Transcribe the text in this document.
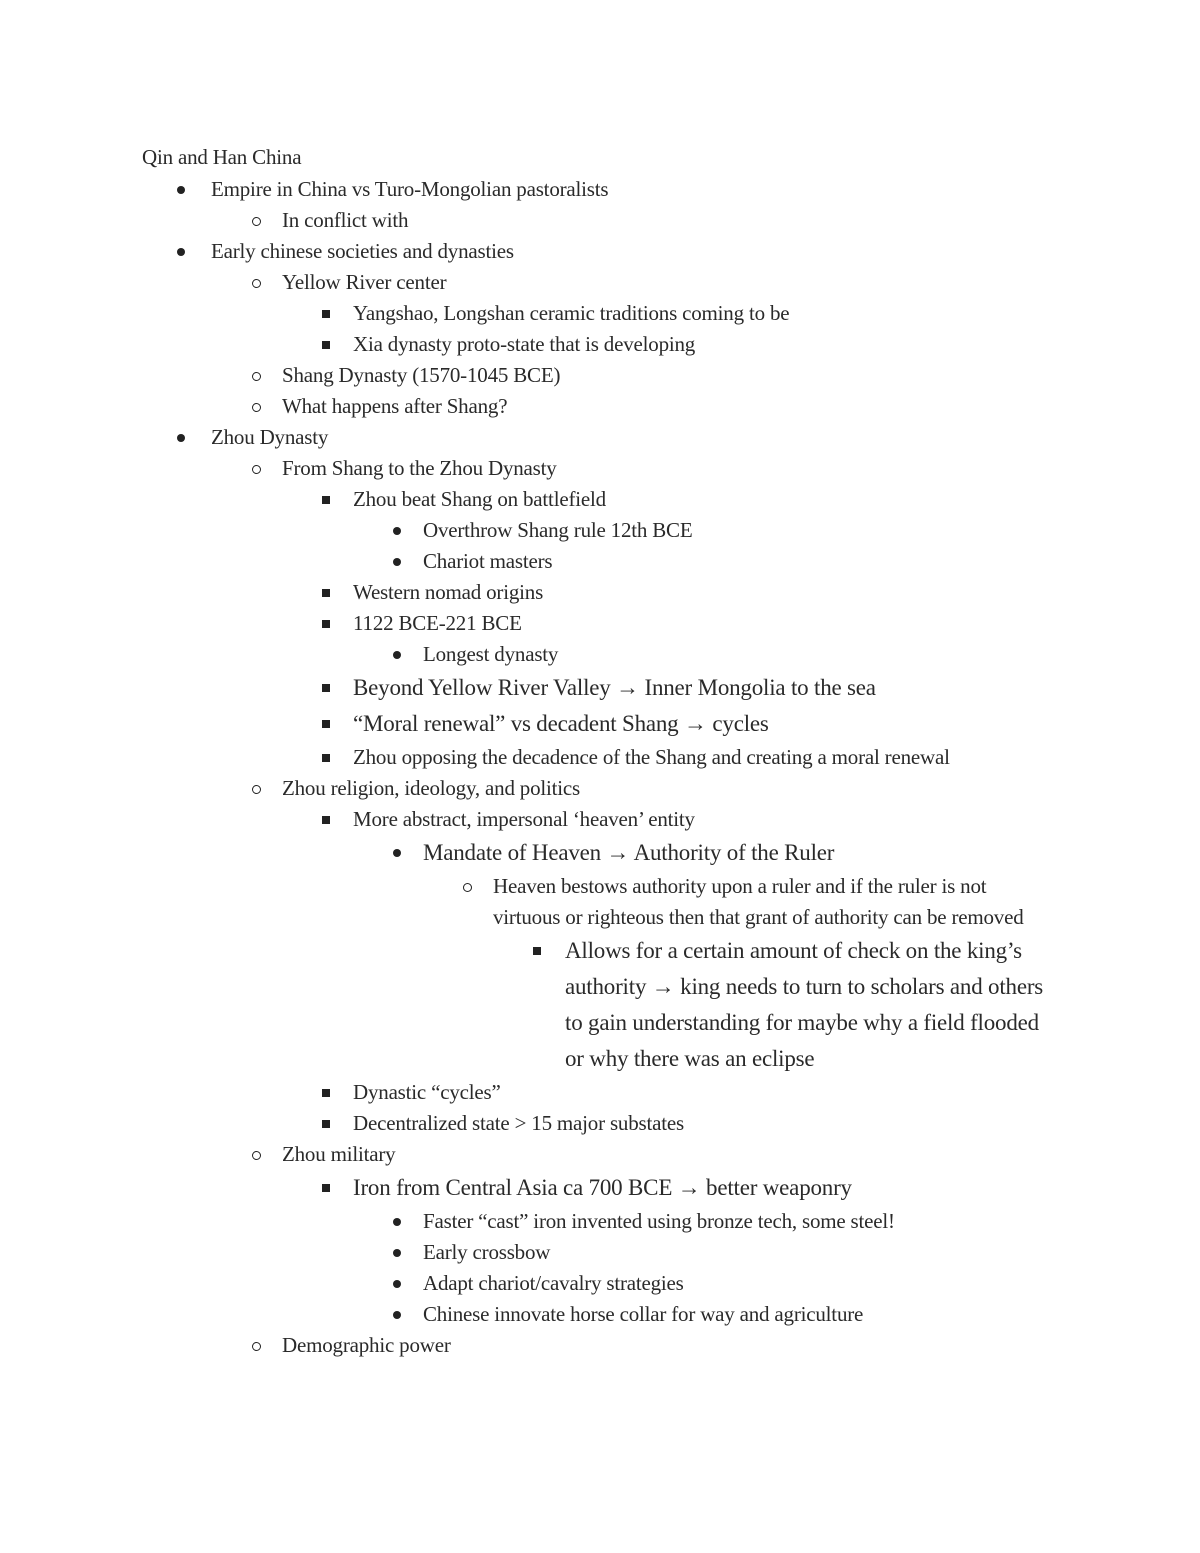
Qin and Han China
Empire in China vs Turo-Mongolian pastoralists
In conflict with
Early chinese societies and dynasties
Yellow River center
Yangshao, Longshan ceramic traditions coming to be
Xia dynasty proto-state that is developing
Shang Dynasty (1570-1045 BCE)
What happens after Shang?
Zhou Dynasty
From Shang to the Zhou Dynasty
Zhou beat Shang on battlefield
Overthrow Shang rule 12th BCE
Chariot masters
Western nomad origins
1122 BCE-221 BCE
Longest dynasty
Beyond Yellow River Valley → Inner Mongolia to the sea
“Moral renewal” vs decadent Shang → cycles
Zhou opposing the decadence of the Shang and creating a moral renewal
Zhou religion, ideology, and politics
More abstract, impersonal ‘heaven’ entity
Mandate of Heaven → Authority of the Ruler
Heaven bestows authority upon a ruler and if the ruler is not virtuous or righteous then that grant of authority can be removed
Allows for a certain amount of check on the king’s authority → king needs to turn to scholars and others to gain understanding for maybe why a field flooded or why there was an eclipse
Dynastic “cycles”
Decentralized state > 15 major substates
Zhou military
Iron from Central Asia ca 700 BCE → better weaponry
Faster “cast” iron invented using bronze tech, some steel!
Early crossbow
Adapt chariot/cavalry strategies
Chinese innovate horse collar for way and agriculture
Demographic power
